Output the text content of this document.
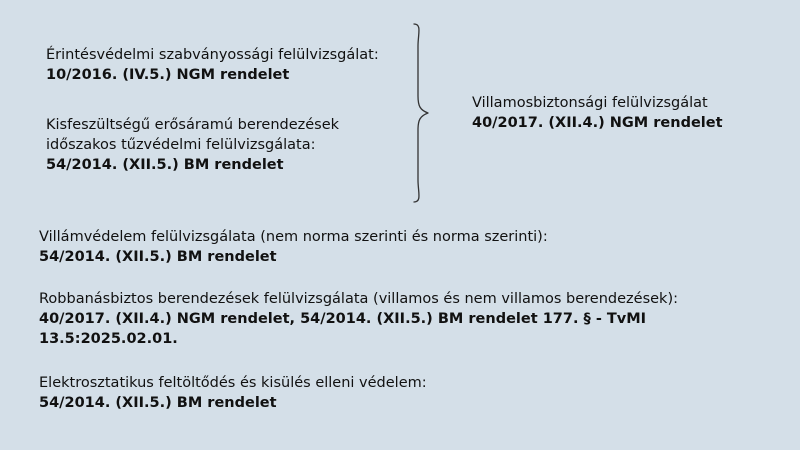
Érintésvédelmi szabványossági felülvizsgálat:

10/2016. (IV.5.) NGM rendelet

Kisfeszültségű erősáramú berendezések

időszakos tűzvédelmi felülvizsgálata:

54/2014. (XII.5.) BM rendelet

Villamosbiztonsági felülvizsgálat

40/2017. (XII.4.) NGM rendelet

Villámvédelem felülvizsgálata (nem norma szerinti és norma szerinti):

54/2014. (XII.5.) BM rendelet

Robbanásbiztos berendezések felülvizsgálata (villamos és nem villamos berendezések):

40/2017. (XII.4.) NGM rendelet, 54/2014. (XII.5.) BM rendelet 177. § - TvMI

13.5:2025.02.01.

Elektrosztatikus feltöltődés és kisülés elleni védelem:

54/2014. (XII.5.) BM rendelet
